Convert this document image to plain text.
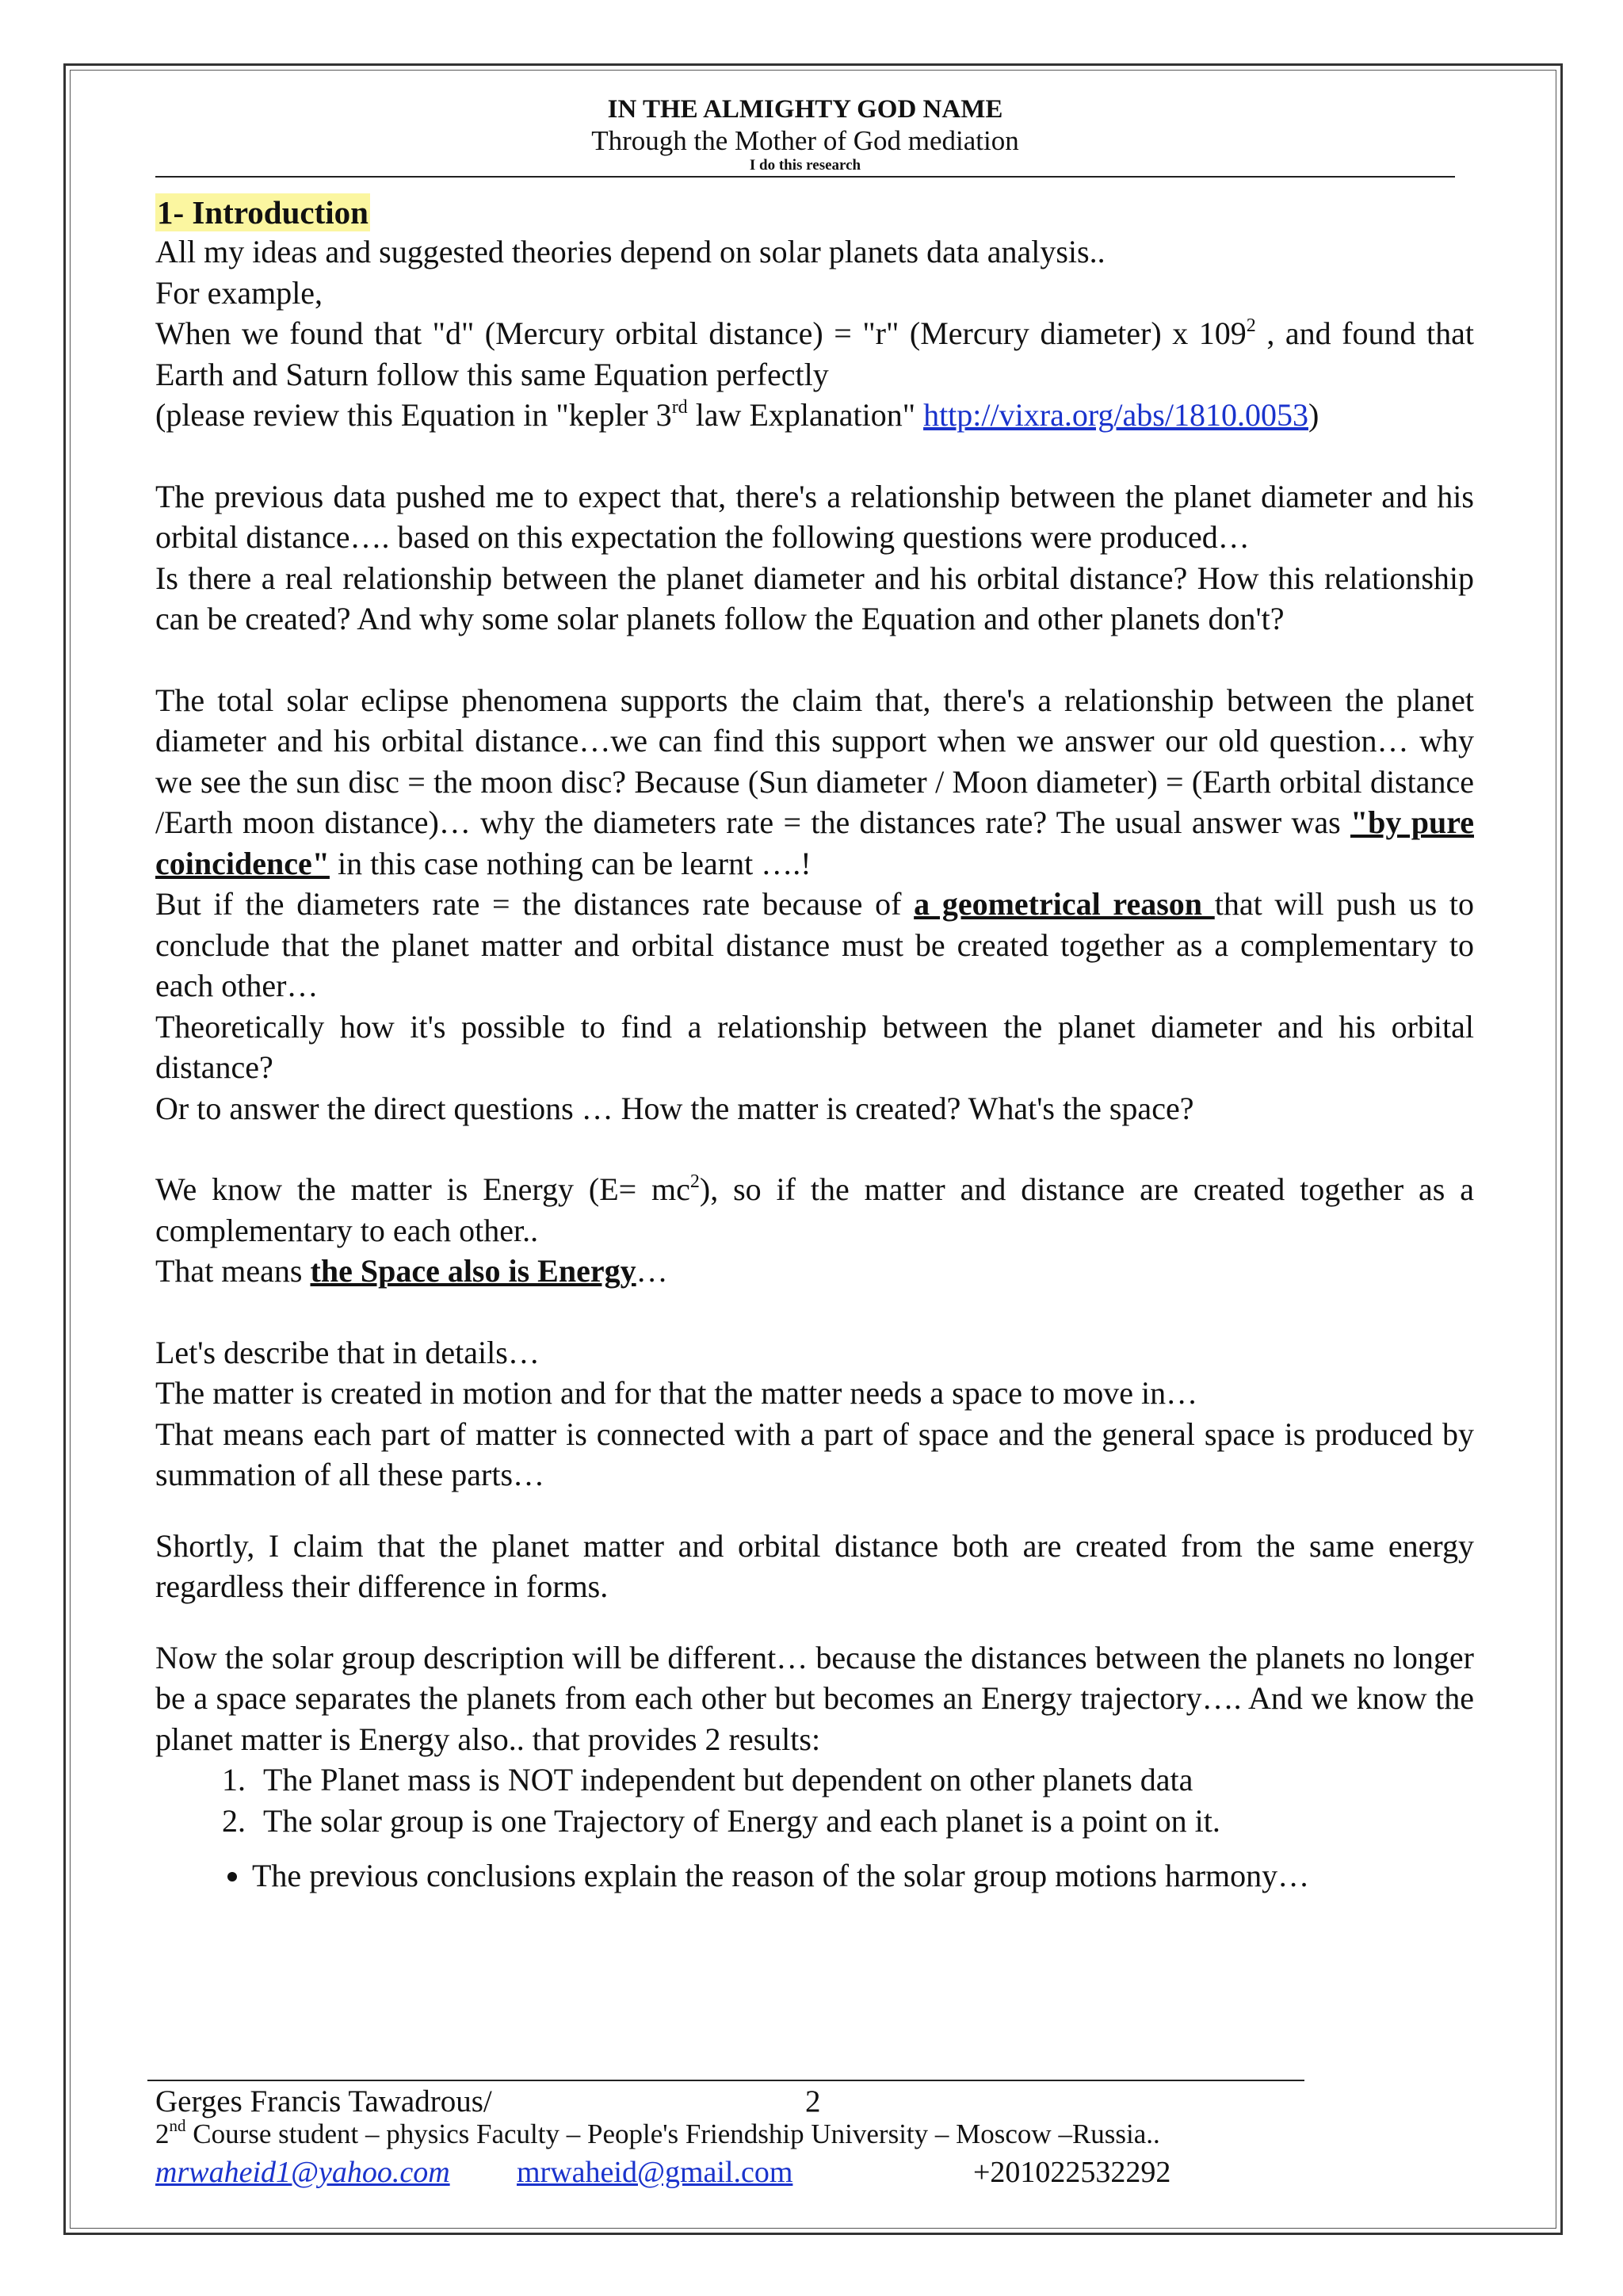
IN THE ALMIGHTY GOD NAME
Through the Mother of God mediation
I do this research
1- Introduction

All my ideas and suggested theories depend on solar planets data analysis..

For example,

When we found that "d" (Mercury orbital distance) = "r" (Mercury diameter) x $109^2$ , and found that Earth and Saturn follow this same Equation perfectly

(please review this Equation in "kepler 3rd law Explanation" http://vixra.org/abs/1810.0053)

The previous data pushed me to expect that, there's a relationship between the planet diameter and his orbital distance…. based on this expectation the following questions were produced…

Is there a real relationship between the planet diameter and his orbital distance? How this relationship can be created? And why some solar planets follow the Equation and other planets don't?

The total solar eclipse phenomena supports the claim that, there's a relationship between the planet diameter and his orbital distance…we can find this support when we answer our old question… why we see the sun disc = the moon disc? Because (Sun diameter / Moon diameter) = (Earth orbital distance /Earth moon distance)… why the diameters rate = the distances rate? The usual answer was "by pure coincidence" in this case nothing can be learnt ….!

But if the diameters rate = the distances rate because of a geometrical reason that will push us to conclude that the planet matter and orbital distance must be created together as a complementary to each other…

Theoretically how it's possible to find a relationship between the planet diameter and his orbital distance?

Or to answer the direct questions … How the matter is created? What's the space?

We know the matter is Energy $(E= mc^2)$, so if the matter and distance are created together as a complementary to each other..

That means the Space also is Energy…

Let's describe that in details…

The matter is created in motion and for that the matter needs a space to move in…

That means each part of matter is connected with a part of space and the general space is produced by summation of all these parts…

Shortly, I claim that the planet matter and orbital distance both are created from the same energy regardless their difference in forms.

Now the solar group description will be different… because the distances between the planets no longer be a space separates the planets from each other but becomes an Energy trajectory…. And we know the planet matter is Energy also.. that provides 2 results:

1. The Planet mass is NOT independent but dependent on other planets data
2. The solar group is one Trajectory of Energy and each planet is a point on it.
• The previous conclusions explain the reason of the solar group motions harmony…
Gerges Francis Tawadrous/	2
2nd Course student – physics Faculty – People's Friendship University – Moscow –Russia..
mrwaheid1@yahoo.com mrwaheid@gmail.com	+201022532292
